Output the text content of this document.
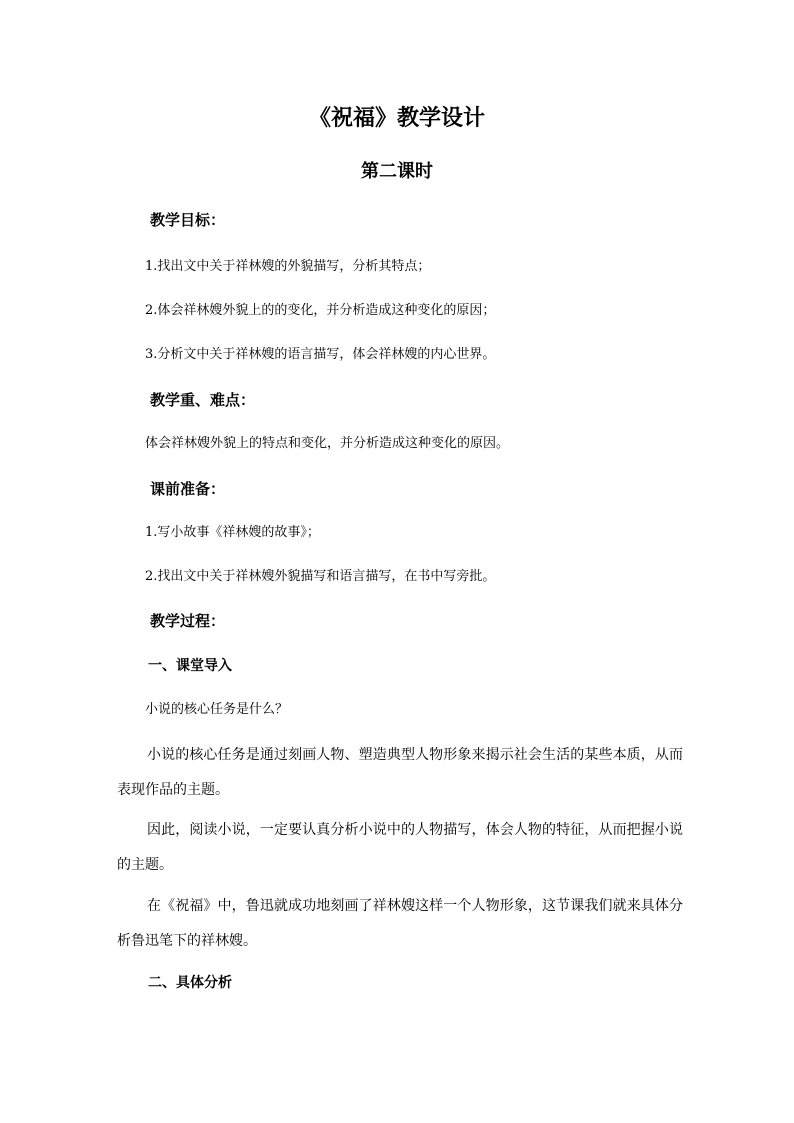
《祝福》教学设计
第二课时
教学目标：
1.找出文中关于祥林嫂的外貌描写，分析其特点；
2.体会祥林嫂外貌上的的变化，并分析造成这种变化的原因；
3.分析文中关于祥林嫂的语言描写，体会祥林嫂的内心世界。
教学重、难点：
体会祥林嫂外貌上的特点和变化，并分析造成这种变化的原因。
课前准备：
1.写小故事《祥林嫂的故事》；
2.找出文中关于祥林嫂外貌描写和语言描写，在书中写旁批。
教学过程：
一、课堂导入
小说的核心任务是什么？
小说的核心任务是通过刻画人物、塑造典型人物形象来揭示社会生活的某些本质，从而表现作品的主题。
因此，阅读小说，一定要认真分析小说中的人物描写，体会人物的特征，从而把握小说的主题。
在《祝福》中，鲁迅就成功地刻画了祥林嫂这样一个人物形象，这节课我们就来具体分析鲁迅笔下的祥林嫂。
二、具体分析
